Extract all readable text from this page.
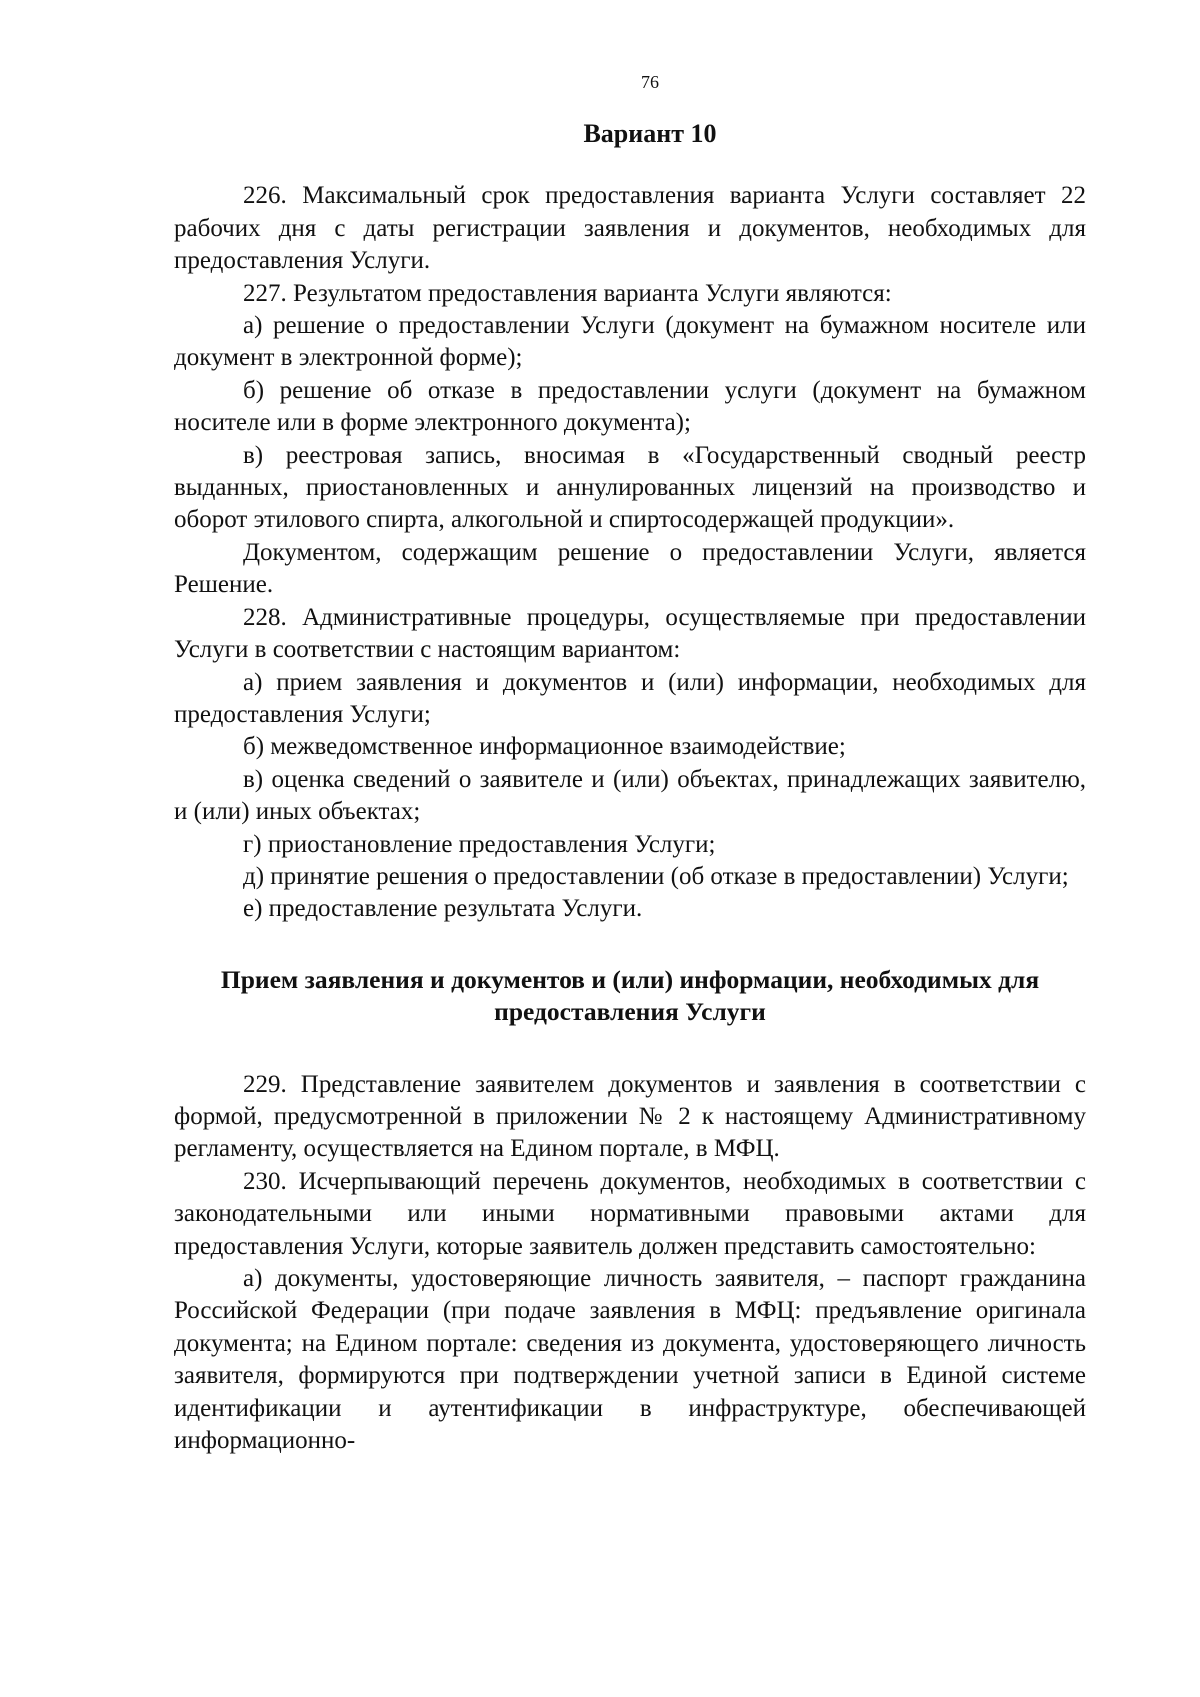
76
Вариант 10

226. Максимальный срок предоставления варианта Услуги составляет 22 рабочих дня с даты регистрации заявления и документов, необходимых для предоставления Услуги.

227. Результатом предоставления варианта Услуги являются:

а) решение о предоставлении Услуги (документ на бумажном носителе или документ в электронной форме);

б) решение об отказе в предоставлении услуги (документ на бумажном носителе или в форме электронного документа);

в) реестровая запись, вносимая в «Государственный сводный реестр выданных, приостановленных и аннулированных лицензий на производство и оборот этилового спирта, алкогольной и спиртосодержащей продукции».

Документом, содержащим решение о предоставлении Услуги, является Решение.

228. Административные процедуры, осуществляемые при предоставлении Услуги в соответствии с настоящим вариантом:

а) прием заявления и документов и (или) информации, необходимых для предоставления Услуги;

б) межведомственное информационное взаимодействие;

в) оценка сведений о заявителе и (или) объектах, принадлежащих заявителю, и (или) иных объектах;

г) приостановление предоставления Услуги;

д) принятие решения о предоставлении (об отказе в предоставлении) Услуги;

е) предоставление результата Услуги.

Прием заявления и документов и (или) информации, необходимых для предоставления Услуги

229. Представление заявителем документов и заявления в соответствии с формой, предусмотренной в приложении № 2 к настоящему Административному регламенту, осуществляется на Едином портале, в МФЦ.

230. Исчерпывающий перечень документов, необходимых в соответствии с законодательными или иными нормативными правовыми актами для предоставления Услуги, которые заявитель должен представить самостоятельно:

а) документы, удостоверяющие личность заявителя, – паспорт гражданина Российской Федерации (при подаче заявления в МФЦ: предъявление оригинала документа; на Едином портале: сведения из документа, удостоверяющего личность заявителя, формируются при подтверждении учетной записи в Единой системе идентификации и аутентификации в инфраструктуре, обеспечивающей информационно-
